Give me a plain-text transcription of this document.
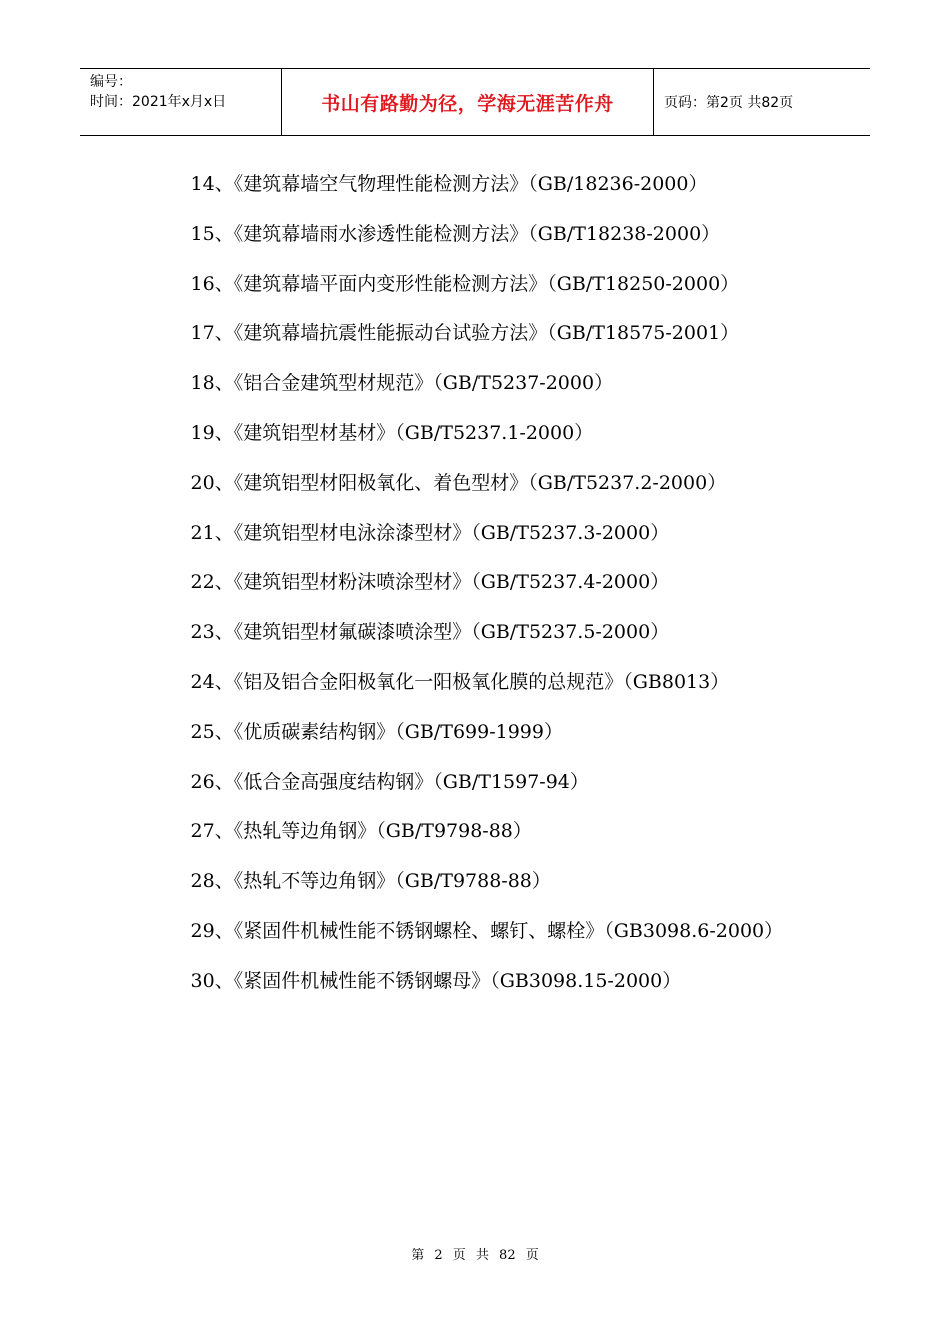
编号：
时间：2021年x月x日	书山有路勤为径，学海无涯苦作舟	页码：第2页 共82页

14、《建筑幕墙空气物理性能检测方法》（GB/18236-2000）

15、《建筑幕墙雨水渗透性能检测方法》（GB/T18238-2000）

16、《建筑幕墙平面内变形性能检测方法》（GB/T18250-2000）

17、《建筑幕墙抗震性能振动台试验方法》（GB/T18575-2001）

18、《铝合金建筑型材规范》（GB/T5237-2000）

19、《建筑铝型材基材》（GB/T5237.1-2000）

20、《建筑铝型材阳极氧化、着色型材》（GB/T5237.2-2000）

21、《建筑铝型材电泳涂漆型材》（GB/T5237.3-2000）

22、《建筑铝型材粉沫喷涂型材》（GB/T5237.4-2000）

23、《建筑铝型材氟碳漆喷涂型》（GB/T5237.5-2000）

24、《铝及铝合金阳极氧化一阳极氧化膜的总规范》（GB8013）

25、《优质碳素结构钢》（GB/T699-1999）

26、《低合金高强度结构钢》（GB/T1597-94）

27、《热轧等边角钢》（GB/T9798-88）

28、《热轧不等边角钢》（GB/T9788-88）

29、《紧固件机械性能不锈钢螺栓、螺钉、螺栓》（GB3098.6-2000）

30、《紧固件机械性能不锈钢螺母》（GB3098.15-2000）

第 2 页 共 82 页
